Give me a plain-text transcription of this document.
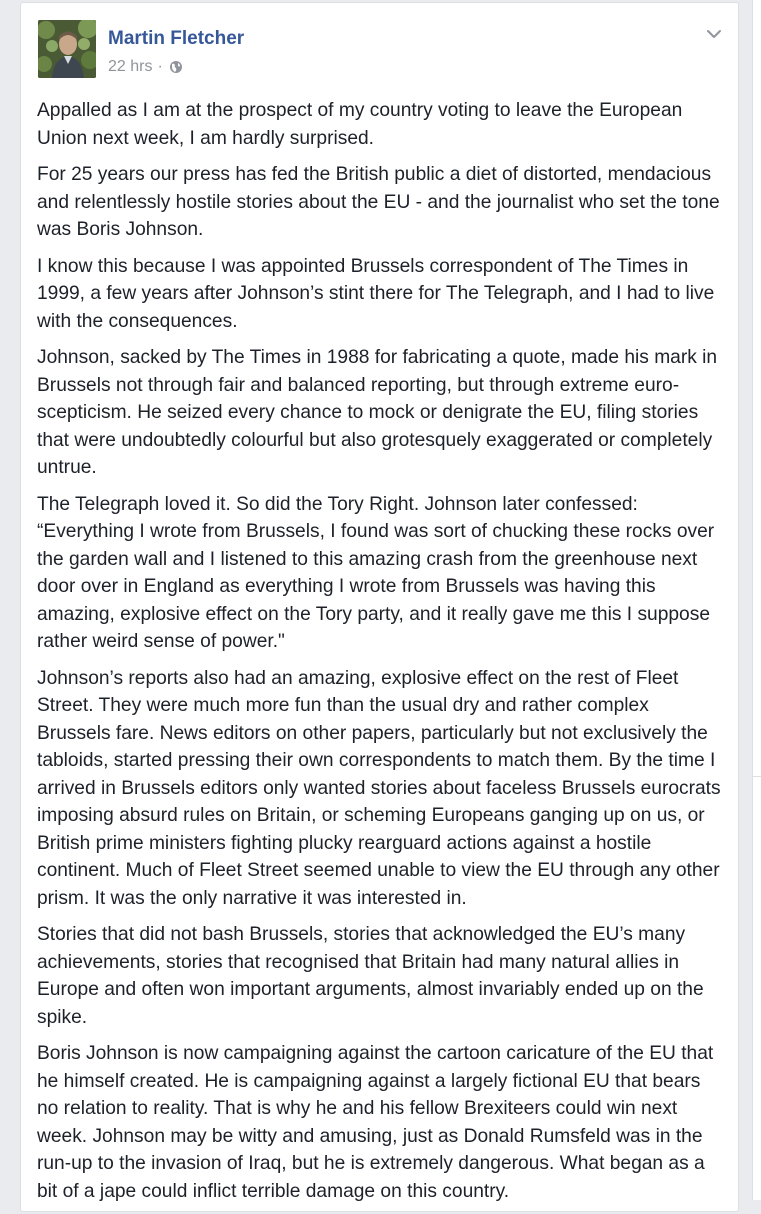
Martin Fletcher
22 hrs ·

Appalled as I am at the prospect of my country voting to leave the European Union next week, I am hardly surprised.

For 25 years our press has fed the British public a diet of distorted, mendacious and relentlessly hostile stories about the EU - and the journalist who set the tone was Boris Johnson.

I know this because I was appointed Brussels correspondent of The Times in 1999, a few years after Johnson’s stint there for The Telegraph, and I had to live with the consequences.

Johnson, sacked by The Times in 1988 for fabricating a quote, made his mark in Brussels not through fair and balanced reporting, but through extreme euro-scepticism. He seized every chance to mock or denigrate the EU, filing stories that were undoubtedly colourful but also grotesquely exaggerated or completely untrue.

The Telegraph loved it. So did the Tory Right. Johnson later confessed: “Everything I wrote from Brussels, I found was sort of chucking these rocks over the garden wall and I listened to this amazing crash from the greenhouse next door over in England as everything I wrote from Brussels was having this amazing, explosive effect on the Tory party, and it really gave me this I suppose rather weird sense of power."

Johnson’s reports also had an amazing, explosive effect on the rest of Fleet Street. They were much more fun than the usual dry and rather complex Brussels fare. News editors on other papers, particularly but not exclusively the tabloids, started pressing their own correspondents to match them. By the time I arrived in Brussels editors only wanted stories about faceless Brussels eurocrats imposing absurd rules on Britain, or scheming Europeans ganging up on us, or British prime ministers fighting plucky rearguard actions against a hostile continent. Much of Fleet Street seemed unable to view the EU through any other prism. It was the only narrative it was interested in.

Stories that did not bash Brussels, stories that acknowledged the EU’s many achievements, stories that recognised that Britain had many natural allies in Europe and often won important arguments, almost invariably ended up on the spike.

Boris Johnson is now campaigning against the cartoon caricature of the EU that he himself created. He is campaigning against a largely fictional EU that bears no relation to reality. That is why he and his fellow Brexiteers could win next week. Johnson may be witty and amusing, just as Donald Rumsfeld was in the run-up to the invasion of Iraq, but he is extremely dangerous. What began as a bit of a jape could inflict terrible damage on this country.
